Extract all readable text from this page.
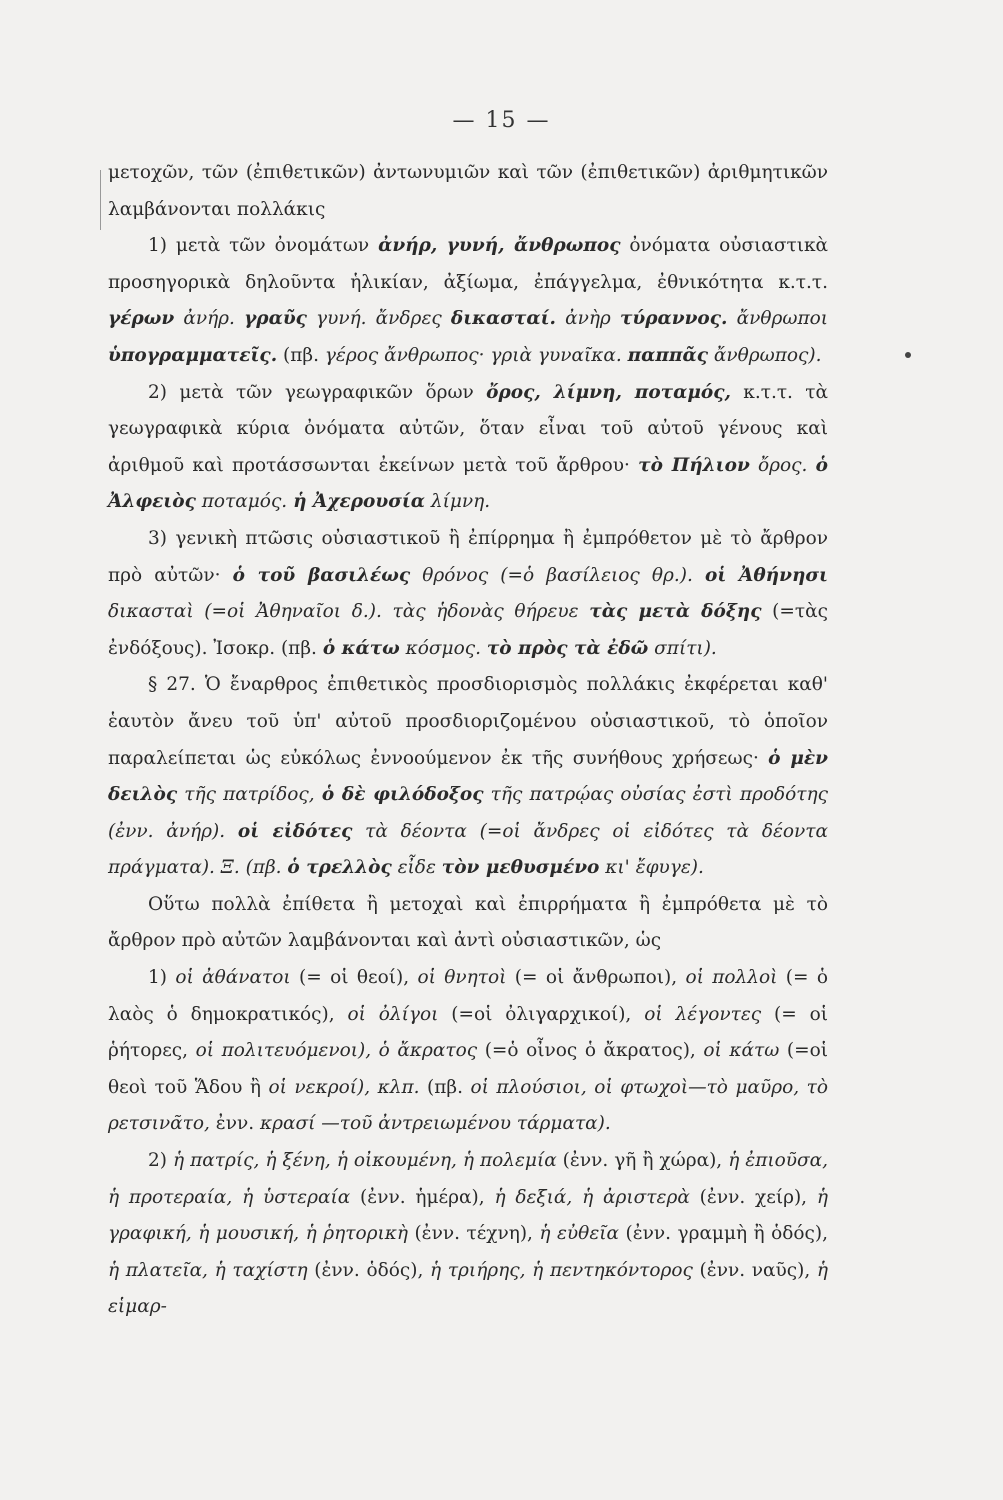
— 15 —

μετοχῶν, τῶν (ἐπιθετικῶν) ἀντωνυμιῶν καὶ τῶν (ἐπιθετικῶν) ἀριθμητικῶν λαμβάνονται πολλάκις

1) μετὰ τῶν ὀνομάτων ἀνήρ, γυνή, ἄνθρωπος ὀνόματα οὐσιαστικὰ προσηγορικὰ δηλοῦντα ἡλικίαν, ἀξίωμα, ἐπάγγελμα, ἐθνικότητα κ.τ.τ. γέρων ἀνήρ. γραῦς γυνή. ἄνδρες δικασταί. ἀνὴρ τύραννος. ἄνθρωποι ὑπογραμματεῖς. (πβ. γέρος ἄνθρωπος· γριὰ γυναῖκα. παππᾶς ἄνθρωπος).

2) μετὰ τῶν γεωγραφικῶν ὅρων ὄρος, λίμνη, ποταμός, κ.τ.τ. τὰ γεωγραφικὰ κύρια ὀνόματα αὐτῶν, ὅταν εἶναι τοῦ αὐτοῦ γένους καὶ ἀριθμοῦ καὶ προτάσσωνται ἐκείνων μετὰ τοῦ ἄρθρου· τὸ Πήλιον ὄρος. ὁ Ἀλφειὸς ποταμός. ἡ Ἀχερουσία λίμνη.

3) γενικὴ πτῶσις οὐσιαστικοῦ ἢ ἐπίρρημα ἢ ἐμπρόθετον μὲ τὸ ἄρθρον πρὸ αὐτῶν· ὁ τοῦ βασιλέως θρόνος (=ὁ βασίλειος θρ.). οἱ Ἀθήνησι δικασταὶ (=οἱ Ἀθηναῖοι δ.). τὰς ἡδονὰς θήρευε τὰς μετὰ δόξης (=τὰς ἐνδόξους). Ἰσοκρ. (πβ. ὁ κάτω κόσμος. τὸ πρὸς τὰ ἐδῶ σπίτι).

§ 27. Ὁ ἔναρθρος ἐπιθετικὸς προσδιορισμὸς πολλάκις ἐκφέρεται καθ' ἑαυτὸν ἄνευ τοῦ ὑπ' αὐτοῦ προσδιοριζομένου οὐσιαστικοῦ, τὸ ὁποῖον παραλείπεται ὡς εὐκόλως ἐννοούμενον ἐκ τῆς συνήθους χρήσεως· ὁ μὲν δειλὸς τῆς πατρίδος, ὁ δὲ φιλόδοξος τῆς πατρῴας οὐσίας ἐστὶ προδότης (ἐνν. ἀνήρ). οἱ εἰδότες τὰ δέοντα (=οἱ ἄνδρες οἱ εἰδότες τὰ δέοντα πράγματα). Ξ. (πβ. ὁ τρελλὸς εἶδε τὸν μεθυσμένο κι' ἔφυγε).

Οὕτω πολλὰ ἐπίθετα ἢ μετοχαὶ καὶ ἐπιρρήματα ἢ ἐμπρόθετα μὲ τὸ ἄρθρον πρὸ αὐτῶν λαμβάνονται καὶ ἀντὶ οὐσιαστικῶν, ὡς

1) οἱ ἀθάνατοι (= οἱ θεοί), οἱ θνητοὶ (= οἱ ἄνθρωποι), οἱ πολλοὶ (= ὁ λαὸς ὁ δημοκρατικός), οἱ ὀλίγοι (=οἱ ὀλιγαρχικοί), οἱ λέγοντες (= οἱ ῥήτορες, οἱ πολιτευόμενοι), ὁ ἄκρατος (=ὁ οἶνος ὁ ἄκρατος), οἱ κάτω (=οἱ θεοὶ τοῦ Ἅδου ἢ οἱ νεκροί), κλπ. (πβ. οἱ πλούσιοι, οἱ φτωχοὶ—τὸ μαῦρο, τὸ ρετσινᾶτο, ἐνν. κρασί —τοῦ ἀντρειωμένου τάρματα).

2) ἡ πατρίς, ἡ ξένη, ἡ οἰκουμένη, ἡ πολεμία (ἐνν. γῆ ἢ χώρα), ἡ ἐπιοῦσα, ἡ προτεραία, ἡ ὑστεραία (ἐνν. ἡμέρα), ἡ δεξιά, ἡ ἀριστερὰ (ἐνν. χείρ), ἡ γραφική, ἡ μουσική, ἡ ῥητορικὴ (ἐνν. τέχνη), ἡ εὐθεῖα (ἐνν. γραμμὴ ἢ ὁδός), ἡ πλατεῖα, ἡ ταχίστη (ἐνν. ὁδός), ἡ τριήρης, ἡ πεντηκόντορος (ἐνν. ναῦς), ἡ εἱμαρ-
